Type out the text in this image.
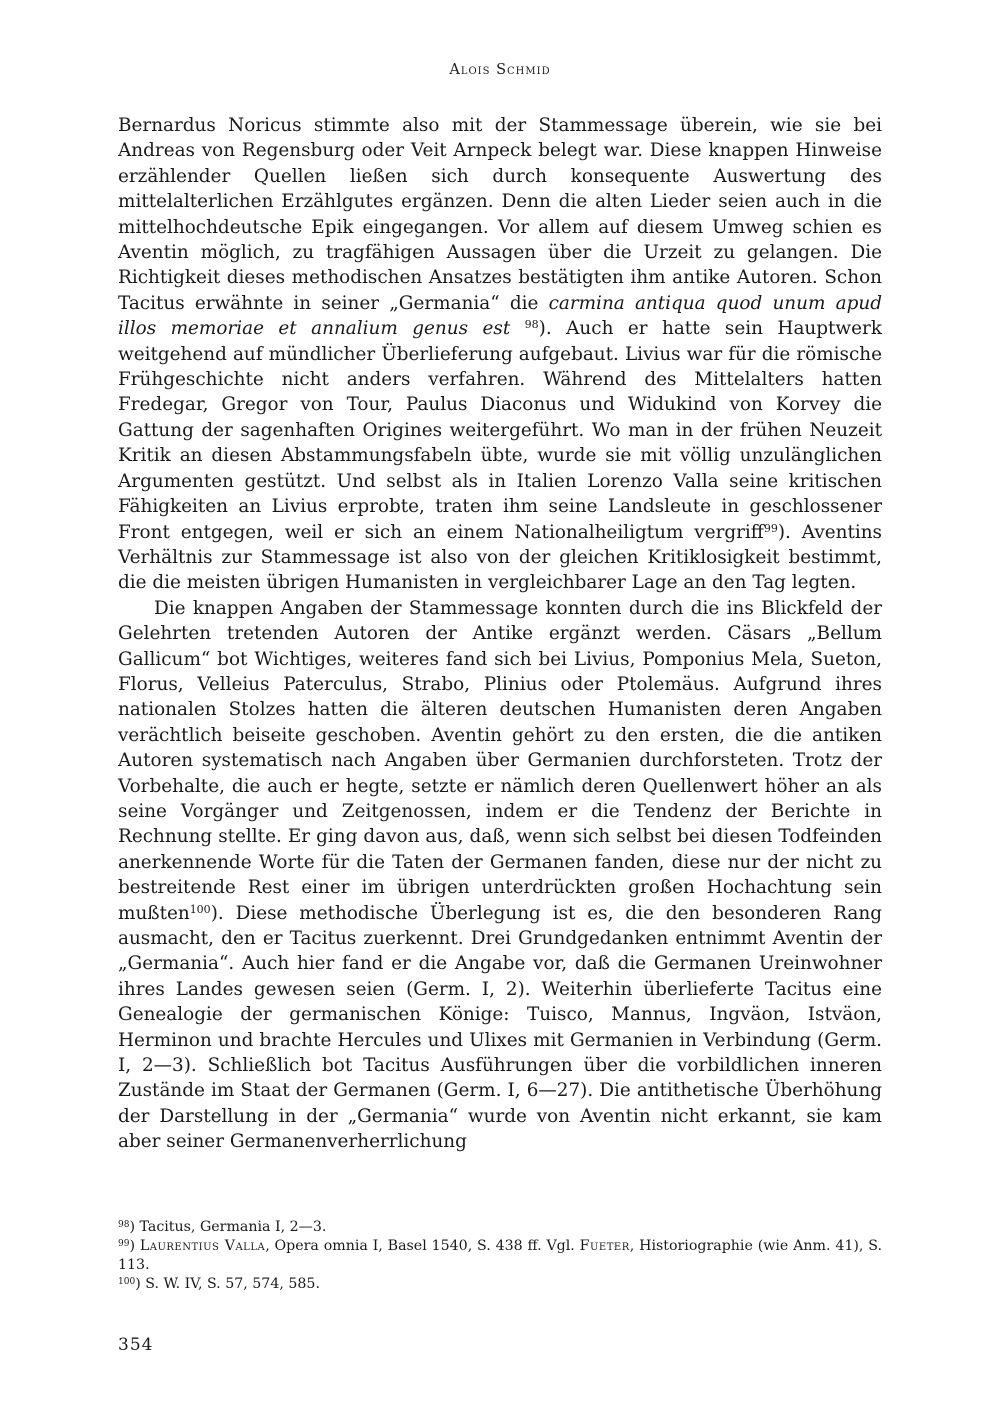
Alois Schmid

Bernardus Noricus stimmte also mit der Stammessage überein, wie sie bei Andreas von Regensburg oder Veit Arnpeck belegt war. Diese knappen Hinweise erzählender Quellen ließen sich durch konsequente Auswertung des mittelalterlichen Erzählgutes ergänzen. Denn die alten Lieder seien auch in die mittelhochdeutsche Epik eingegangen. Vor allem auf diesem Umweg schien es Aventin möglich, zu tragfähigen Aussagen über die Urzeit zu gelangen. Die Richtigkeit dieses methodischen Ansatzes bestätigten ihm antike Autoren. Schon Tacitus erwähnte in seiner „Germania“ die carmina antiqua quod unum apud illos memoriae et annalium genus est $^{98}$). Auch er hatte sein Hauptwerk weitgehend auf mündlicher Überlieferung aufgebaut. Livius war für die römische Frühgeschichte nicht anders verfahren. Während des Mittelalters hatten Fredegar, Gregor von Tour, Paulus Diaconus und Widukind von Korvey die Gattung der sagenhaften Origines weitergeführt. Wo man in der frühen Neuzeit Kritik an diesen Abstammungsfabeln übte, wurde sie mit völlig unzulänglichen Argumenten gestützt. Und selbst als in Italien Lorenzo Valla seine kritischen Fähigkeiten an Livius erprobte, traten ihm seine Landsleute in geschlossener Front entgegen, weil er sich an einem Nationalheiligtum vergriff$^{99}$). Aventins Verhältnis zur Stammessage ist also von der gleichen Kritiklosigkeit bestimmt, die die meisten übrigen Humanisten in vergleichbarer Lage an den Tag legten.

Die knappen Angaben der Stammessage konnten durch die ins Blickfeld der Gelehrten tretenden Autoren der Antike ergänzt werden. Cäsars „Bellum Gallicum“ bot Wichtiges, weiteres fand sich bei Livius, Pomponius Mela, Sueton, Florus, Velleius Paterculus, Strabo, Plinius oder Ptolemäus. Aufgrund ihres nationalen Stolzes hatten die älteren deutschen Humanisten deren Angaben verächtlich beiseite geschoben. Aventin gehört zu den ersten, die die antiken Autoren systematisch nach Angaben über Germanien durchforsteten. Trotz der Vorbehalte, die auch er hegte, setzte er nämlich deren Quellenwert höher an als seine Vorgänger und Zeitgenossen, indem er die Tendenz der Berichte in Rechnung stellte. Er ging davon aus, daß, wenn sich selbst bei diesen Todfeinden anerkennende Worte für die Taten der Germanen fanden, diese nur der nicht zu bestreitende Rest einer im übrigen unterdrückten großen Hochachtung sein mußten$^{100}$). Diese methodische Überlegung ist es, die den besonderen Rang ausmacht, den er Tacitus zuerkennt. Drei Grundgedanken entnimmt Aventin der „Germania“. Auch hier fand er die Angabe vor, daß die Germanen Ureinwohner ihres Landes gewesen seien (Germ. I, 2). Weiterhin überlieferte Tacitus eine Genealogie der germanischen Könige: Tuisco, Mannus, Ingväon, Istväon, Herminon und brachte Hercules und Ulixes mit Germanien in Verbindung (Germ. I, 2—3). Schließlich bot Tacitus Ausführungen über die vorbildlichen inneren Zustände im Staat der Germanen (Germ. I, 6—27). Die antithetische Überhöhung der Darstellung in der „Germania“ wurde von Aventin nicht erkannt, sie kam aber seiner Germanenverherrlichung

$^{98}$) Tacitus, Germania I, 2—3.

$^{99}$) Laurentius Valla, Opera omnia I, Basel 1540, S. 438 ff. Vgl. Fueter, Historiographie (wie Anm. 41), S. 113.

$^{100}$) S. W. IV, S. 57, 574, 585.

354
